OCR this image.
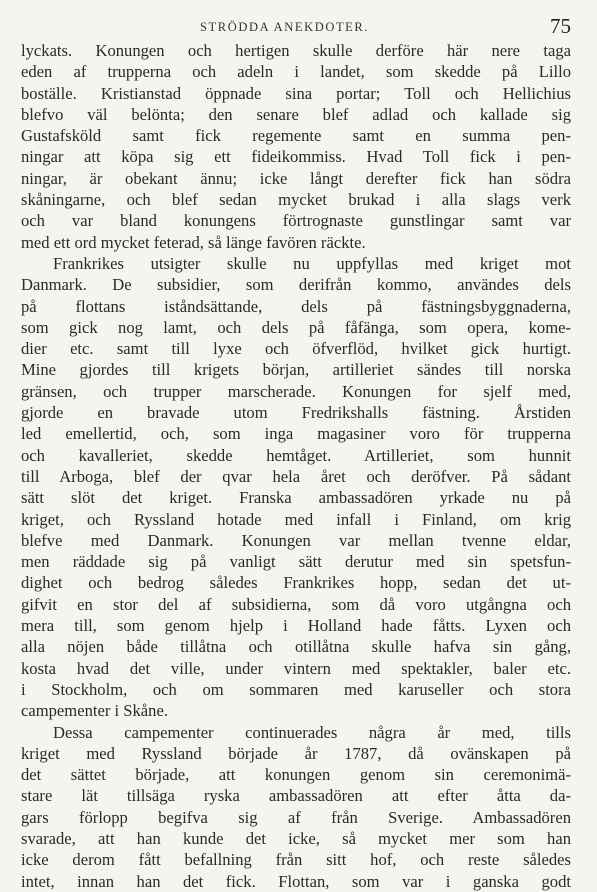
STRÖDDA ANEKDOTER.	75
lyckats. Konungen och hertigen skulle derföre här nere taga
eden af trupperna och adeln i landet, som skedde på Lillo
boställe. Kristianstad öppnade sina portar; Toll och Hellichius
blefvo väl belönta; den senare blef adlad och kallade sig
Gustafsköld samt fick regementе samt en summa pen-
ningar att köpa sig ett fideikommiss. Hvad Toll fick i pen-
ningar, är obekant ännu; icke långt derefter fick han södra
skåningarne, och blef sedan mycket brukad i alla slags verk
och var bland konungens förtrognaste gunstlingar samt var
med ett ord mycket feterad, så länge favören räckte.
Frankrikes utsigter skulle nu uppfyllas med kriget mot
Danmark. De subsidier, som derifrån kommo, användes dels
på flottans iståndsättande, dels på fästningsbyggnaderna,
som gick nog lamt, och dels på fåfänga, som opera, kome-
dier etc. samt till lyxe och öfverflöd, hvilket gick hurtigt.
Mine gjordes till krigets början, artilleriet sändes till norska
gränsen, och trupper marscherade. Konungen for sjelf med,
gjorde en bravade utom Fredrikshalls fästning. Årstiden
led emellertid, och, som inga magasiner voro för trupperna
och kavalleriet, skedde hemtåget. Artilleriet, som hunnit
till Arboga, blef der qvar hela året och deröfver. På sådant
sätt slöt det kriget. Franska ambassadören yrkade nu på
kriget, och Ryssland hotade med infall i Finland, om krig
blefve med Danmark. Konungen var mellan tvenne eldar,
men räddade sig på vanligt sätt derutur med sin spetsfun-
dighet och bedrog således Frankrikes hopp, sedan det ut-
gifvit en stor del af subsidierna, som då voro utgångna och
mera till, som genom hjelp i Holland hade fåtts. Lyxen och
alla nöjen både tillåtna och otillåtna skulle hafva sin gång,
kosta hvad det ville, under vintern med spektakler, baler etc.
i Stockholm, och om sommaren med karuseller och stora
campementer i Skåne.
Dessa campementer continuerades några år med, tills
kriget med Ryssland började år 1787, då ovänskapen på
det sättet började, att konungen genom sin ceremonimä-
stare lät tillsäga ryska ambassadören att efter åtta da-
gars förlopp begifva sig af från Sverige. Ambassadören
svarade, att han kunde det icke, så mycket mer som han
icke derom fått befallning från sitt hof, och reste således
intet, innan han det fick. Flottan, som var i ganska godt
